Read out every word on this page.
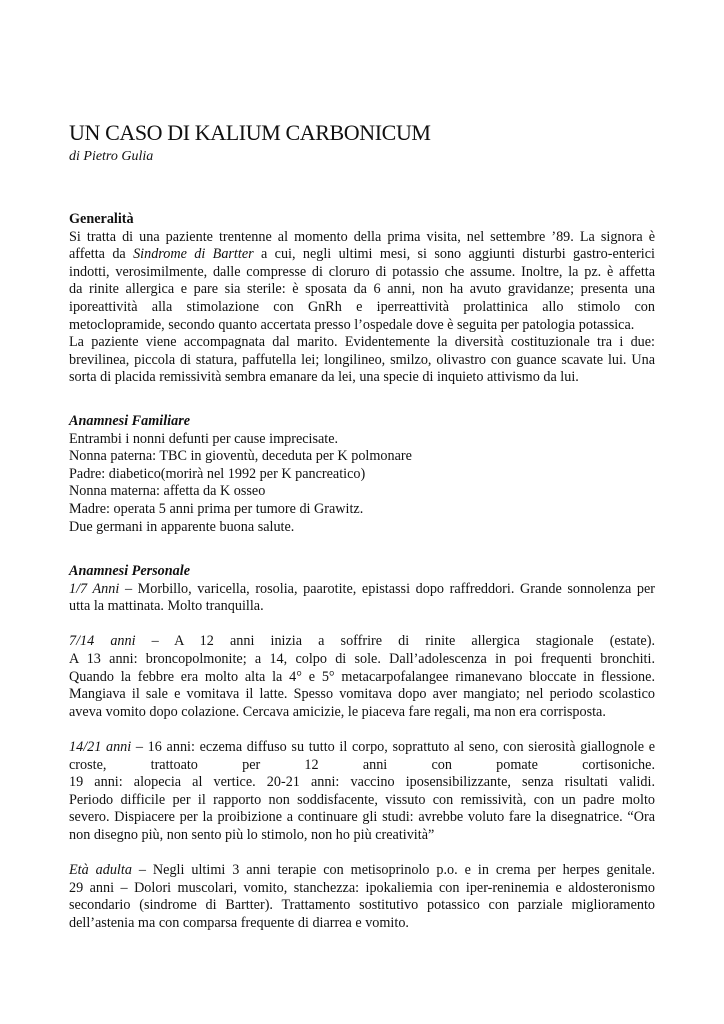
UN CASO DI KALIUM CARBONICUM
di Pietro Gulia
Generalità

Si tratta di una paziente trentenne al momento della prima visita, nel settembre ’89. La signora è

affetta da Sindrome di Bartter a cui, negli ultimi mesi, si sono aggiunti disturbi gastro-enterici

indotti, verosimilmente, dalle compresse di cloruro di potassio che assume. Inoltre, la pz. è affetta

da rinite allergica e pare sia sterile: è sposata da 6 anni, non ha avuto gravidanze; presenta una

iporeattività alla stimolazione con GnRh e iperreattività prolattinica allo stimolo con

metoclopramide, secondo quanto accertata presso l’ospedale dove è seguita per patologia potassica.

La paziente viene accompagnata dal marito. Evidentemente la diversità costituzionale tra i due:

brevilinea, piccola di statura, paffutella lei; longilineo, smilzo, olivastro con guance scavate lui. Una

sorta di placida remissività sembra emanare da lei, una specie di inquieto attivismo da lui.

Anamnesi Familiare

Entrambi i nonni defunti per cause imprecisate.

Nonna paterna: TBC in gioventù, deceduta per K polmonare

Padre: diabetico(morirà nel 1992 per K pancreatico)

Nonna materna: affetta da K osseo

Madre: operata 5 anni prima per tumore di Grawitz.

Due germani in apparente buona salute.

Anamnesi Personale

1/7 Anni – Morbillo, varicella, rosolia, paarotite, epistassi dopo raffreddori. Grande sonnolenza per

utta la mattinata. Molto tranquilla.

7/14 anni – A 12 anni inizia a soffrire di rinite allergica stagionale (estate).

A 13 anni: broncopolmonite; a 14, colpo di sole. Dall’adolescenza in poi frequenti bronchiti.

Quando la febbre era molto alta la 4° e 5° metacarpofalangee rimanevano bloccate in flessione.

Mangiava il sale e vomitava il latte. Spesso vomitava dopo aver mangiato; nel periodo scolastico

aveva vomito dopo colazione. Cercava amicizie, le piaceva fare regali, ma non era corrisposta.

14/21 anni – 16 anni: eczema diffuso su tutto il corpo, soprattuto al seno, con sierosità giallognole e

croste, trattoato per 12 anni con pomate cortisoniche.

19 anni: alopecia al vertice. 20-21 anni: vaccino iposensibilizzante, senza risultati validi.

Periodo difficile per il rapporto non soddisfacente, vissuto con remissività, con un padre molto

severo. Dispiacere per la proibizione a continuare gli studi: avrebbe voluto fare la disegnatrice. “Ora

non disegno più, non sento più lo stimolo, non ho più creatività”

Età adulta – Negli ultimi 3 anni terapie con metisoprinolo p.o. e in crema per herpes genitale.

29 anni – Dolori muscolari, vomito, stanchezza: ipokaliemia con iper-reninemia e aldosteronismo

secondario (sindrome di Bartter). Trattamento sostitutivo potassico con parziale miglioramento

dell’astenia ma con comparsa frequente di diarrea e vomito.
